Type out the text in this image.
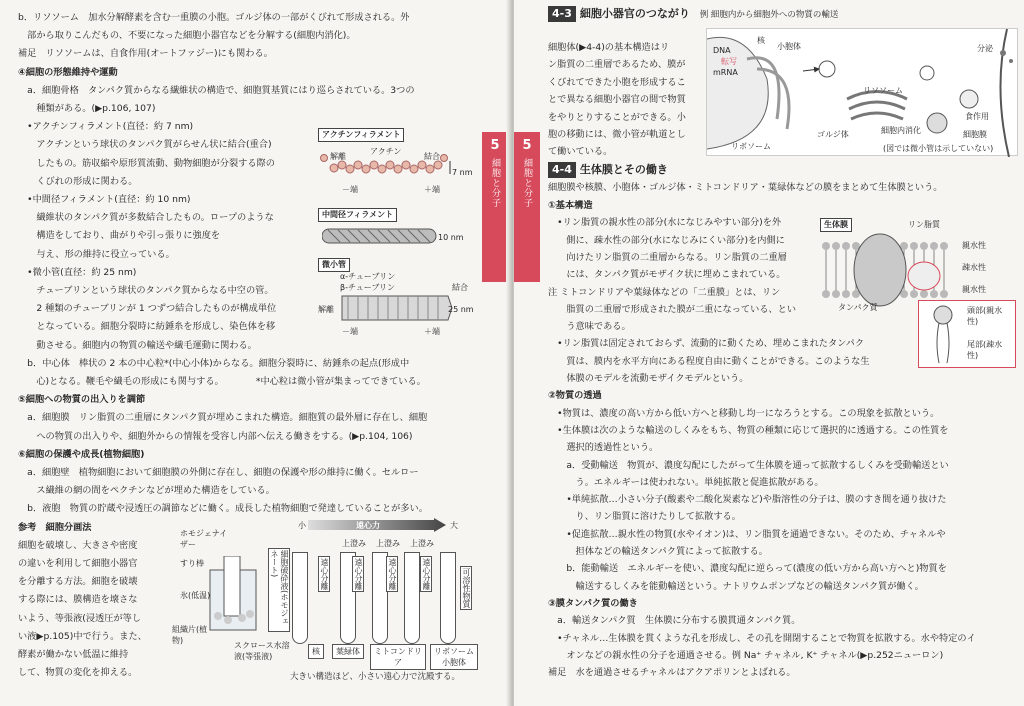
b．リソソーム　加水分解酵素を含む一重膜の小胞。ゴルジ体の一部がくびれて形成される。外
　部から取りこんだもの、不要になった細胞小器官などを分解する(細胞内消化)。
補足　リソソームは、自食作用(オートファジー)にも関わる。
④細胞の形態維持や運動
　a．細胞骨格　タンパク質からなる繊維状の構造で、細胞質基質にはり巡らされている。3つの
　　種類がある。(▶p.106, 107)
　•アクチンフィラメント(直径：約 7 nm)
　　アクチンという球状のタンパク質がらせん状に結合(重合)
　　したもの。筋収縮や原形質流動、動物細胞が分裂する際の
　　くびれの形成に関わる。
　•中間径フィラメント(直径：約 10 nm)
　　繊維状のタンパク質が多数結合したもの。ロープのような
　　構造をしており、曲がりや引っ張りに強度を
　　与え、形の維持に役立っている。
　•微小管(直径：約 25 nm)
　　チューブリンという球状のタンパク質からなる中空の管。
　　2 種類のチューブリンが 1 つずつ結合したものが構成単位
　　となっている。細胞分裂時に紡錘糸を形成し、染色体を移
　　動させる。細胞内の物質の輸送や繊毛運動に関わる。
　b．中心体　棒状の 2 本の中心粒*(中心小体)からなる。細胞分裂時に、紡錘糸の起点(形成中
　　心)となる。鞭毛や繊毛の形成にも関与する。　　　　*中心粒は微小管が集まってできている。
⑤細胞への物質の出入りを調節
　a．細胞膜　リン脂質の二重層にタンパク質が埋めこまれた構造。細胞質の最外層に存在し、細胞
　　への物質の出入りや、細胞外からの情報を受容し内部へ伝える働きをする。(▶p.104, 106)
⑥細胞の保護や成長(植物細胞)
　a．細胞壁　植物細胞において細胞膜の外側に存在し、細胞の保護や形の維持に働く。セルロー
　　ス繊維の網の間をペクチンなどが埋めた構造をしている。
　b．液胞　物質の貯蔵や浸透圧の調節などに働く。成長した植物細胞で発達していることが多い。
参考　細胞分画法
細胞を破壊し、大きさや密度
の違いを利用して細胞小器官
を分離する方法。細胞を破壊
する際には、膜構造を壊さな
いよう、等張液(浸透圧が等し
い液▶p.105)中で行う。また、
酵素が働かない低温に維持
して、物質の変化を抑える。
アクチンフィラメント
解離
アクチン
結合
7 nm
－端	＋端
中間径フィラメント
10 nm
微小管
α-チューブリン
β-チューブリン	結合
解離	25 nm
－端	＋端
ホモジェナイザー
すり棒
氷(低温)
組織片(植物)
スクロース水溶液(等張液)
細胞破砕液(ホモジェネート)
小	遠心力	大
上澄み 上澄み 上澄み
遠心分離	遠心分離	遠心分離	遠心分離	可溶性物質
核	葉緑体	ミトコンドリア
リボソーム小胞体
大きい構造ほど、小さい遠心力で沈殿する。
5
細胞と分子
5
細胞と分子
4-3 細胞小器官のつながり 例 細胞内から細胞外への物質の輸送
細胞体(▶4-4)の基本構造はリ
ン脂質の二重層であるため、膜が
くびれてできた小胞を形成するこ
とで異なる細胞小器官の間で物質
をやりとりすることができる。小
胞の移動には、微小管が軌道とし
て働いている。
DNA
転写
mRNA
核
小胞体	分泌
リソソーム
食作用
ゴルジ体	細胞内消化	細胞膜
リボソーム	(図では微小管は示していない)
4-4 生体膜とその働き
細胞膜や核膜、小胞体・ゴルジ体・ミトコンドリア・葉緑体などの膜をまとめて生体膜という。
①基本構造
　•リン脂質の親水性の部分(水になじみやすい部分)を外
　　側に、疎水性の部分(水になじみにくい部分)を内側に
　　向けたリン脂質の二重層からなる。リン脂質の二重層
　　には、タンパク質がモザイク状に埋めこまれている。
注 ミトコンドリアや葉緑体などの「二重膜」とは、リン
　　脂質の二重層で形成された膜が二重になっている、とい
　　う意味である。
　•リン脂質は固定されておらず、流動的に動くため、埋めこまれたタンパク
　　質は、膜内を水平方向にある程度自由に動くことができる。このような生
　　体膜のモデルを流動モザイクモデルという。
②物質の透過
　•物質は、濃度の高い方から低い方へと移動し均一になろうとする。この現象を拡散という。
　•生体膜は次のような輸送のしくみをもち、物質の種類に応じて選択的に透過する。この性質を
　　選択的透過性という。
　　a．受動輸送　物質が、濃度勾配にしたがって生体膜を通って拡散するしくみを受動輸送とい
　　　う。エネルギーは使われない。単純拡散と促進拡散がある。
　　•単純拡散…小さい分子(酸素や二酸化炭素など)や脂溶性の分子は、膜のすき間を通り抜けた
　　　り、リン脂質に溶けたりして拡散する。
　　•促進拡散…親水性の物質(水やイオン)は、リン脂質を通過できない。そのため、チャネルや
　　　担体などの輸送タンパク質によって拡散する。
　　b．能動輸送　エネルギーを使い、濃度勾配に逆らって(濃度の低い方から高い方へと)物質を
　　　輸送するしくみを能動輸送という。ナトリウムポンプなどの輸送タンパク質が働く。
③膜タンパク質の働き
　a．輸送タンパク質　生体膜に分布する膜貫通タンパク質。
　•チャネル…生体膜を貫くような孔を形成し、その孔を開閉することで物質を拡散する。水や特定のイ
　　オンなどの親水性の分子を通過させる。例 Na⁺ チャネル, K⁺ チャネル(▶p.252ニューロン)
補足　水を通過させるチャネルはアクアポリンとよばれる。
生体膜	リン脂質
親水性
疎水性
親水性
タンパク質	頭部(親水性)
尾部(疎水性)
